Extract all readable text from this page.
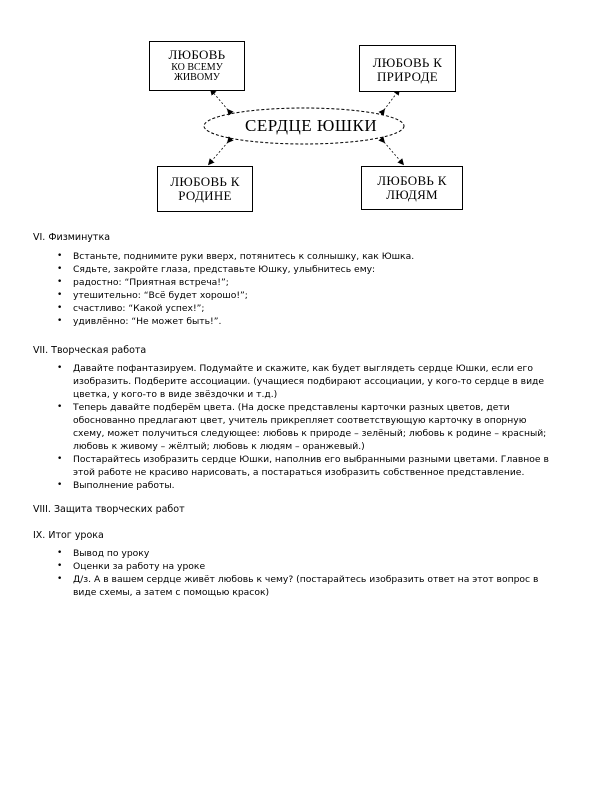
ЛЮБОВЬ
КО ВСЕМУ
ЖИВОМУ
ЛЮБОВЬ К
ПРИРОДЕ
СЕРДЦЕ ЮШКИ
ЛЮБОВЬ К
РОДИНЕ
ЛЮБОВЬ К
ЛЮДЯМ
VI. Физминутка
• Встаньте, поднимите руки вверх, потянитесь к солнышку, как Юшка.
• Сядьте, закройте глаза, представьте Юшку, улыбнитесь ему:
• радостно: “Приятная встреча!”;
• утешительно: “Всё будет хорошо!”;
• счастливо: “Какой успех!”;
• удивлённо: “Не может быть!”.
VII. Творческая работа
• Давайте пофантазируем. Подумайте и скажите, как будет выглядеть сердце Юшки, если его изобразить. Подберите ассоциации. (учащиеся подбирают ассоциации, у кого-то сердце в виде цветка, у кого-то в виде звёздочки и т.д.)
• Теперь давайте подберём цвета. (На доске представлены карточки разных цветов, дети обоснованно предлагают цвет, учитель прикрепляет соответствующую карточку в опорную схему, может получиться следующее: любовь к природе – зелёный; любовь к родине – красный; любовь к живому – жёлтый; любовь к людям – оранжевый.)
• Постарайтесь изобразить сердце Юшки, наполнив его выбранными разными цветами. Главное в этой работе не красиво нарисовать, а постараться изобразить собственное представление.
• Выполнение работы.
VIII. Защита творческих работ
IX. Итог урока
• Вывод по уроку
• Оценки за работу на уроке
• Д/з. А в вашем сердце живёт любовь к чему? (постарайтесь изобразить ответ на этот вопрос в виде схемы, а затем с помощью красок)
